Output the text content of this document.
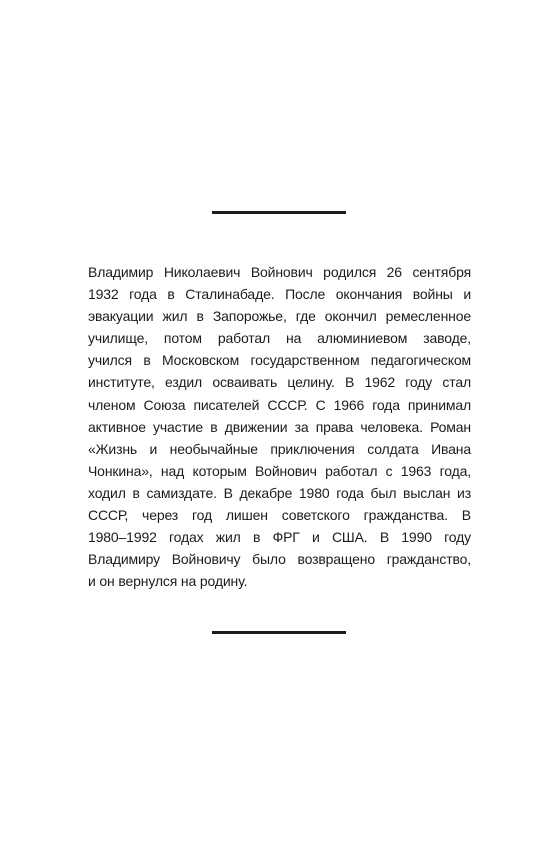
Владимир Николаевич Войнович родился 26 сентября
1932 года в Сталинабаде. После окончания войны и
эвакуации жил в Запорожье, где окончил ремесленное
училище, потом работал на алюминиевом заводе,
учился в Московском государственном педагогическом
институте, ездил осваивать целину. В 1962 году стал
членом Союза писателей СССР. С 1966 года принимал
активное участие в движении за права человека. Роман
«Жизнь и необычайные приключения солдата Ивана
Чонкина», над которым Войнович работал с 1963 года,
ходил в самиздате. В декабре 1980 года был выслан из
СССР, через год лишен советского гражданства. В
1980–1992 годах жил в ФРГ и США. В 1990 году
Владимиру Войновичу было возвращено гражданство,
и он вернулся на родину.
